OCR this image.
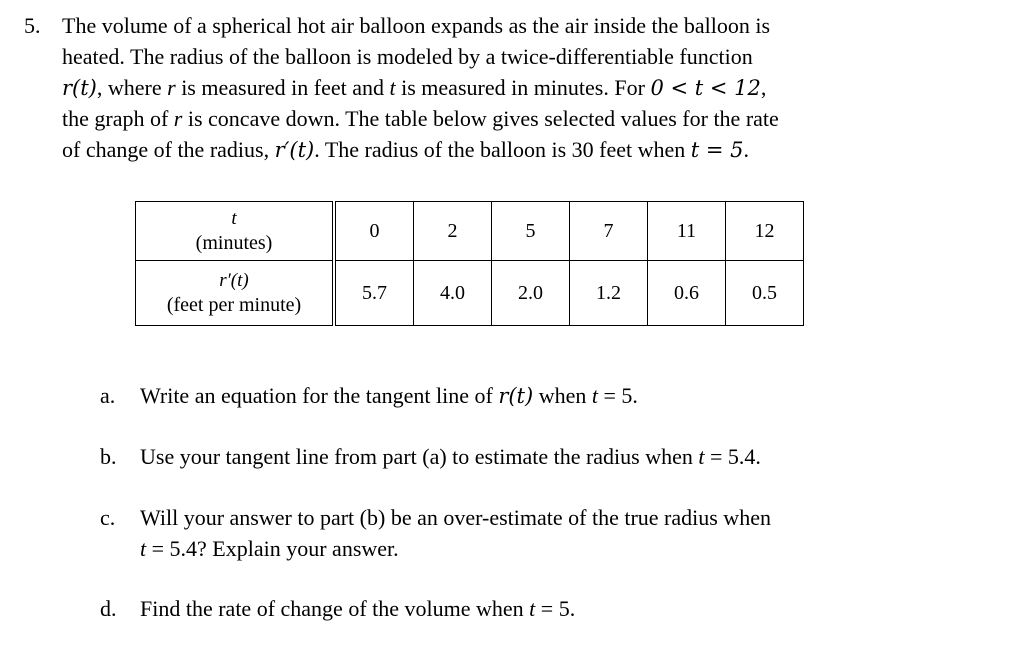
5. The volume of a spherical hot air balloon expands as the air inside the balloon is
heated. The radius of the balloon is modeled by a twice-differentiable function
r(t), where r is measured in feet and t is measured in minutes. For 0 < t < 12,
the graph of r is concave down. The table below gives selected values for the rate
of change of the radius, r′(t). The radius of the balloon is 30 feet when t = 5.
t
(minutes)	0	2	5	7	11	12

r′(t)
(feet per minute)	5.7	4.0	2.0	1.2	0.6	0.5
a. Write an equation for the tangent line of r(t) when t = 5.
b. Use your tangent line from part (a) to estimate the radius when t = 5.4.
c. Will your answer to part (b) be an over-estimate of the true radius when
t = 5.4? Explain your answer.
d. Find the rate of change of the volume when t = 5.
